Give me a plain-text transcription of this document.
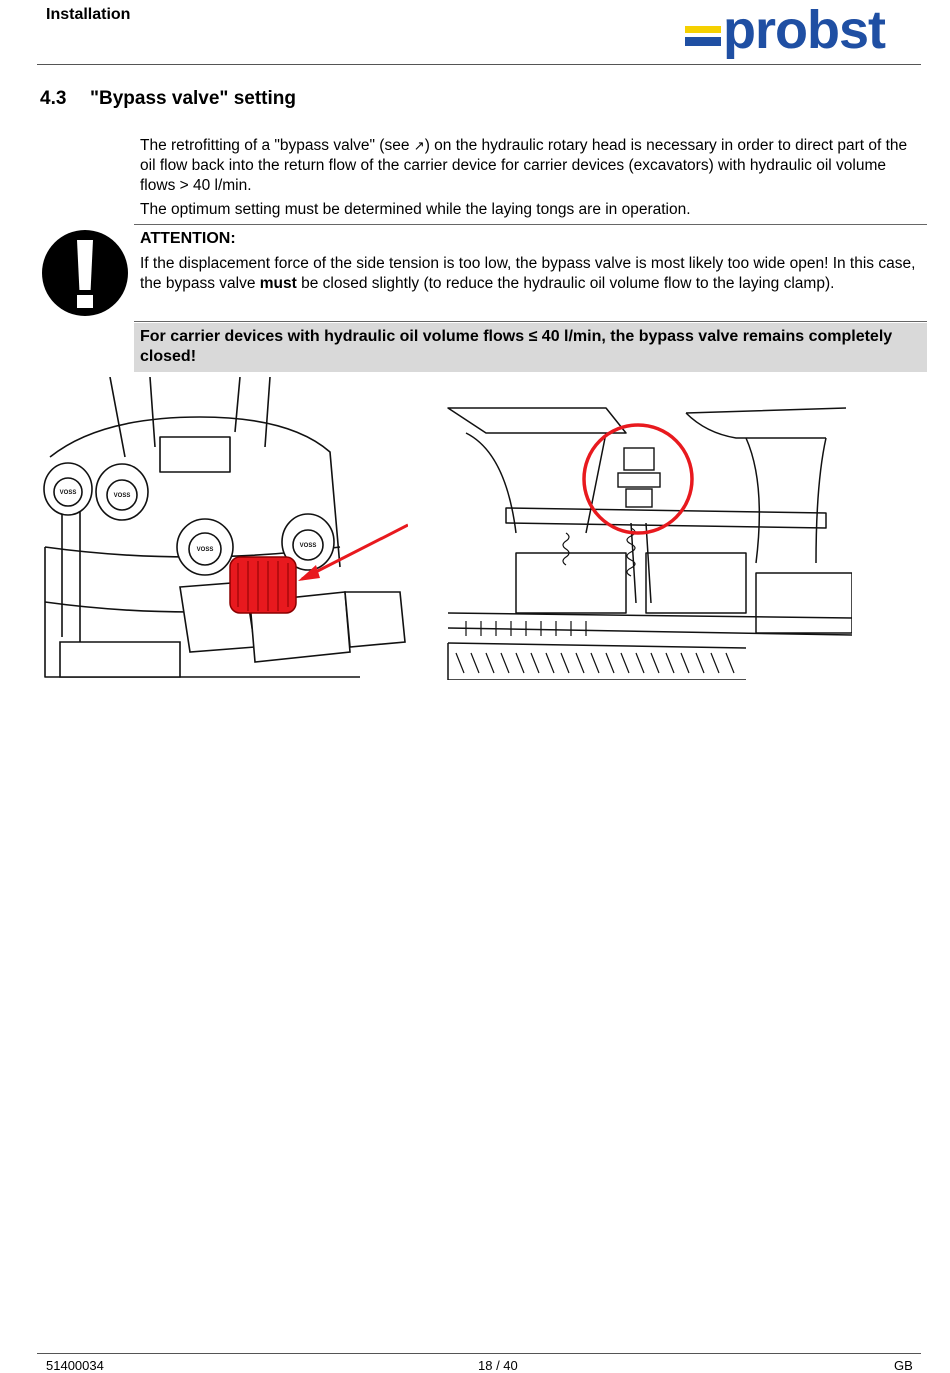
Installation	probst
4.3 "Bypass valve" setting
The retrofitting of a "bypass valve" (see ↗︎) on the hydraulic rotary head is necessary in order to direct part of the oil flow back into the return flow of the carrier device for carrier devices (excavators) with hydraulic oil volume flows > 40 l/min.
The optimum setting must be determined while the laying tongs are in operation.
ATTENTION:
If the displacement force of the side tension is too low, the bypass valve is most likely too wide open! In this case, the bypass valve must be closed slightly (to reduce the hydraulic oil volume flow to the laying clamp).
For carrier devices with hydraulic oil volume flows ≤ 40 l/min, the bypass valve remains completely closed!
VOSS	VOSS
VOSS
VOSS
51400034	18 / 40	GB
